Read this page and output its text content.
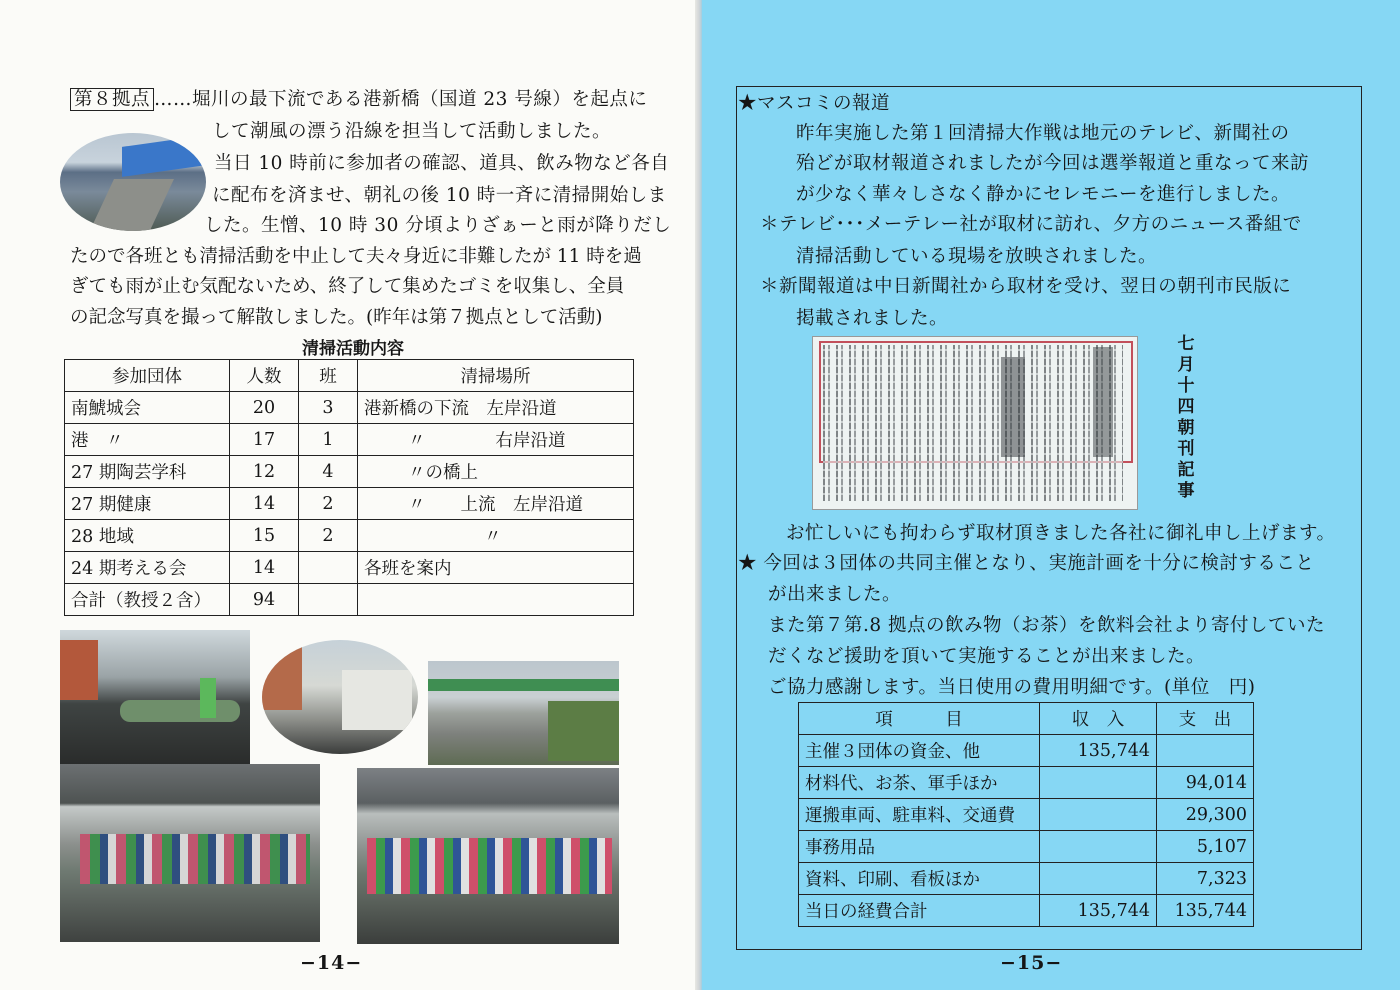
第８拠点 ……堀川の最下流である港新橋（国道 23 号線）を起点に
して潮風の漂う沿線を担当して活動しました。
当日 10 時前に参加者の確認、道具、飲み物など各自
に配布を済ませ、朝礼の後 10 時一斉に清掃開始しま
した。生憎、10 時 30 分頃よりざぁーと雨が降りだし
たので各班とも清掃活動を中止して夫々身近に非難したが 11 時を過
ぎても雨が止む気配ないため、終了して集めたゴミを収集し、全員
の記念写真を撮って解散しました。(昨年は第７拠点として活動)
清掃活動内容
参加団体	人数	班	清掃場所
南鯱城会	20	3	港新橋の下流　左岸沿道
港　〃	17	1	〃　　　　右岸沿道
27 期陶芸学科	12	4	〃の橋上
27 期健康	14	2	〃　　上流　左岸沿道
28 地域	15	2	〃
24 期考える会	14		各班を案内
合計（教授２含）	94		
−14−
★マスコミの報道
昨年実施した第１回清掃大作戦は地元のテレビ、新聞社の
殆どが取材報道されましたが今回は選挙報道と重なって来訪
が少なく華々しさなく静かにセレモニーを進行しました。
＊テレビ･･･メーテレー社が取材に訪れ、夕方のニュース番組で
清掃活動している現場を放映されました。
＊新聞報道は中日新聞社から取材を受け、翌日の朝刊市民版に
掲載されました。
七月十四朝刊記事
お忙しいにも拘わらず取材頂きました各社に御礼申し上げます。
★ 今回は３団体の共同主催となり、実施計画を十分に検討すること
が出来ました。
また第７第.8 拠点の飲み物（お茶）を飲料会社より寄付していた
だくなど援助を頂いて実施することが出来ました。
ご協力感謝します。当日使用の費用明細です。(単位　円)
項　　　目	収　入	支　出
主催３団体の資金、他	135,744	
材料代、お茶、軍手ほか		94,014
運搬車両、駐車料、交通費		29,300
事務用品		5,107
資料、印刷、看板ほか		7,323
当日の経費合計	135,744	135,744
−15−
